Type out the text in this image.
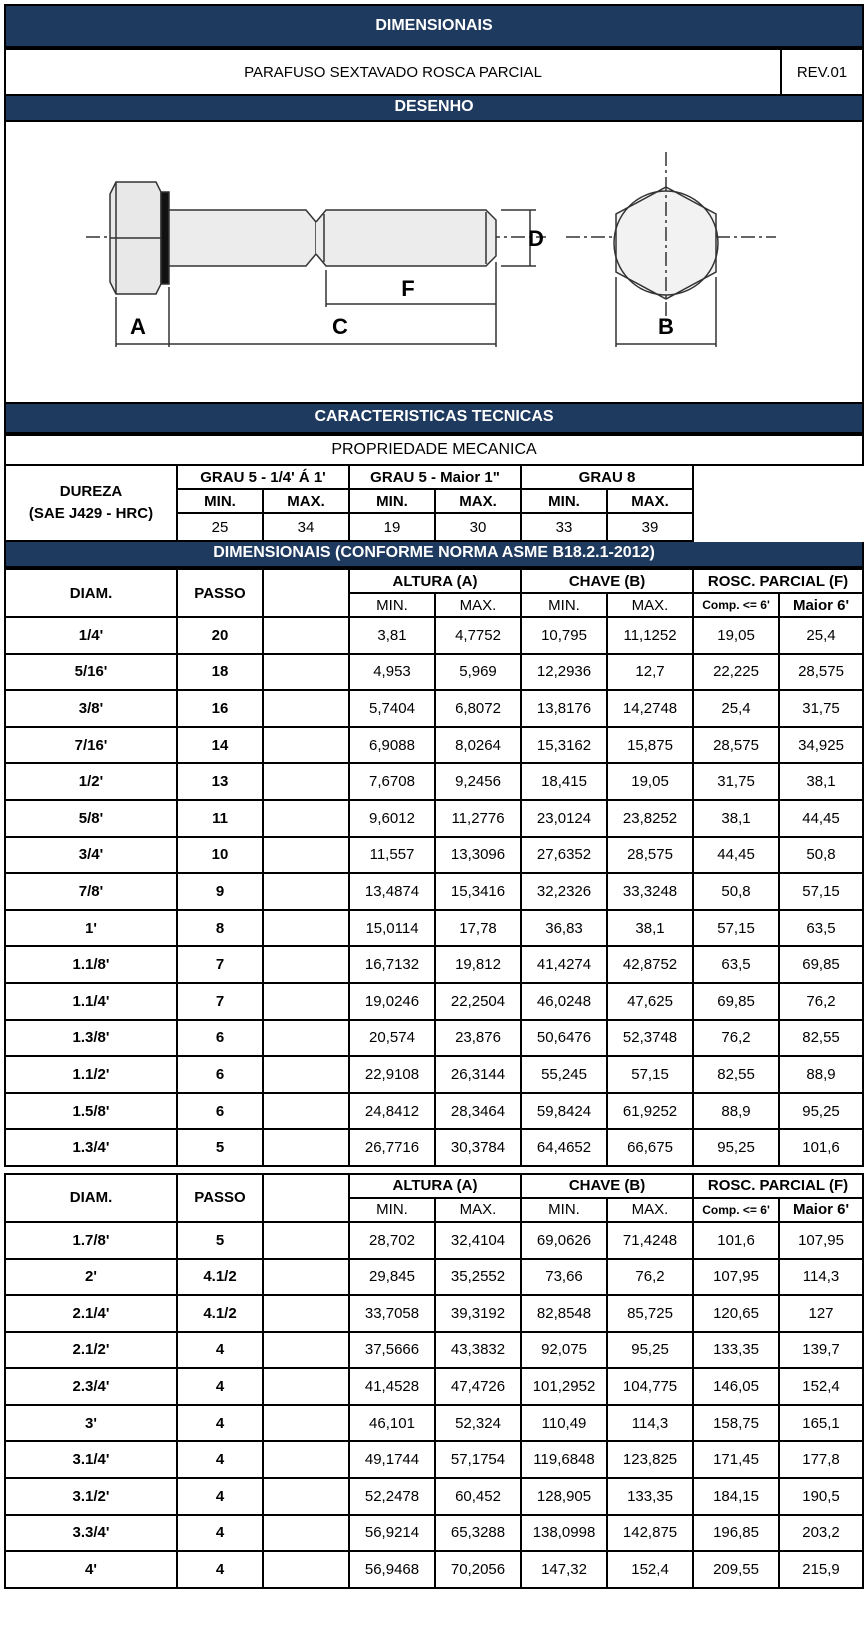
DIMENSIONAIS
PARAFUSO SEXTAVADO ROSCA PARCIAL	REV.01
DESENHO
A	C
F
D
B
CARACTERISTICAS TECNICAS
PROPRIEDADE MECANICA							
DUREZA
(SAE J429 - HRC)	GRAU 5 - 1/4' Á 1'		GRAU 5 - Maior 1"		GRAU 8		
	MIN.	MAX.	MIN.	MAX.	MIN.	MAX.	
	25	34	19	30	33	39	
DIMENSIONAIS (CONFORME NORMA ASME B18.2.1-2012)
DIAM.	PASSO		ALTURA (A)		CHAVE (B)		ROSC. PARCIAL (F)	
			MIN.	MAX.	MIN.	MAX.	Comp. <= 6'	Maior 6'
1/4'	20		3,81	4,7752	10,795	11,1252	19,05	25,4
5/16'	18		4,953	5,969	12,2936	12,7	22,225	28,575
3/8'	16		5,7404	6,8072	13,8176	14,2748	25,4	31,75
7/16'	14		6,9088	8,0264	15,3162	15,875	28,575	34,925
1/2'	13		7,6708	9,2456	18,415	19,05	31,75	38,1
5/8'	11		9,6012	11,2776	23,0124	23,8252	38,1	44,45
3/4'	10		11,557	13,3096	27,6352	28,575	44,45	50,8
7/8'	9		13,4874	15,3416	32,2326	33,3248	50,8	57,15
1'	8		15,0114	17,78	36,83	38,1	57,15	63,5
1.1/8'	7		16,7132	19,812	41,4274	42,8752	63,5	69,85
1.1/4'	7		19,0246	22,2504	46,0248	47,625	69,85	76,2
1.3/8'	6		20,574	23,876	50,6476	52,3748	76,2	82,55
1.1/2'	6		22,9108	26,3144	55,245	57,15	82,55	88,9
1.5/8'	6		24,8412	28,3464	59,8424	61,9252	88,9	95,25
1.3/4'	5		26,7716	30,3784	64,4652	66,675	95,25	101,6
DIAM.	PASSO		ALTURA (A)		CHAVE (B)		ROSC. PARCIAL (F)	
			MIN.	MAX.	MIN.	MAX.	Comp. <= 6'	Maior 6'
1.7/8'	5		28,702	32,4104	69,0626	71,4248	101,6	107,95
2'	4.1/2		29,845	35,2552	73,66	76,2	107,95	114,3
2.1/4'	4.1/2		33,7058	39,3192	82,8548	85,725	120,65	127
2.1/2'	4		37,5666	43,3832	92,075	95,25	133,35	139,7
2.3/4'	4		41,4528	47,4726	101,2952	104,775	146,05	152,4
3'	4		46,101	52,324	110,49	114,3	158,75	165,1
3.1/4'	4		49,1744	57,1754	119,6848	123,825	171,45	177,8
3.1/2'	4		52,2478	60,452	128,905	133,35	184,15	190,5
3.3/4'	4		56,9214	65,3288	138,0998	142,875	196,85	203,2
4'	4		56,9468	70,2056	147,32	152,4	209,55	215,9
